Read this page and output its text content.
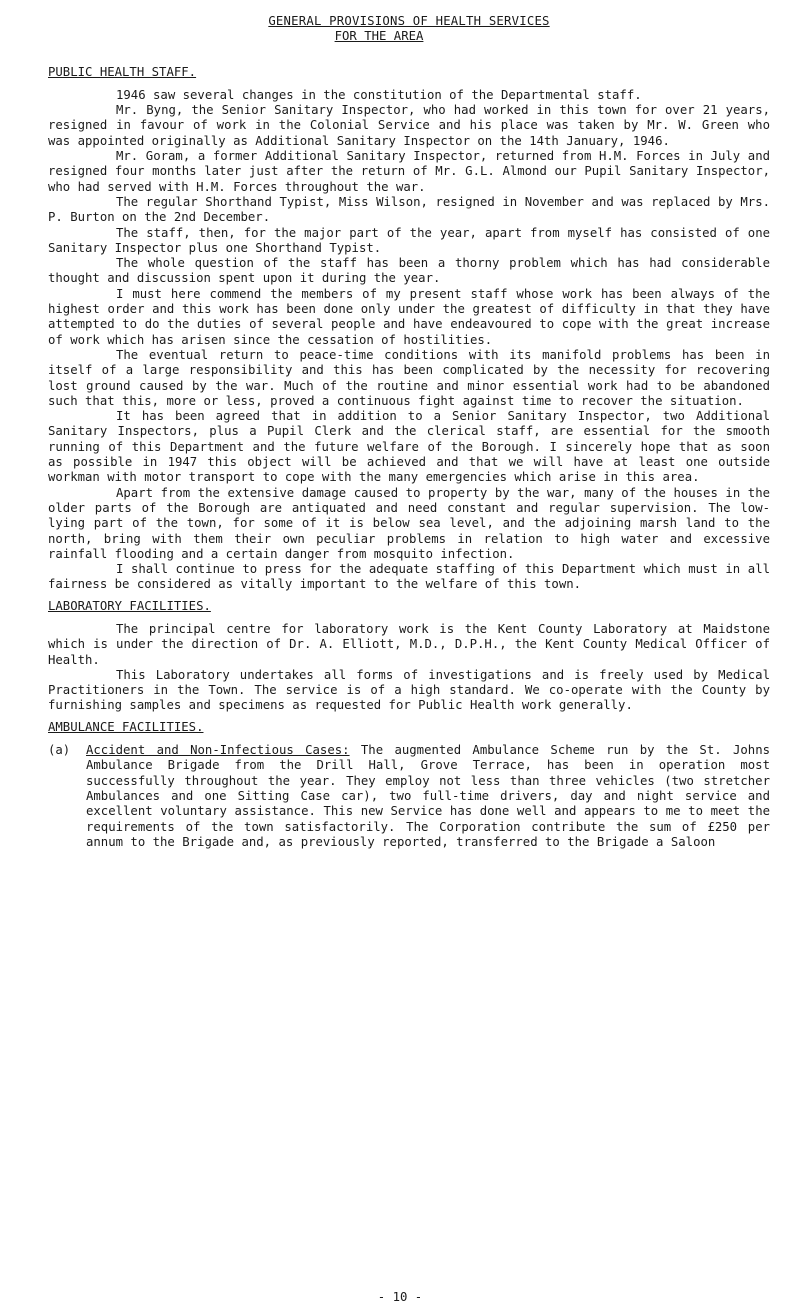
GENERAL PROVISIONS OF HEALTH SERVICES
FOR THE AREA
PUBLIC HEALTH STAFF.

1946 saw several changes in the constitution of the Departmental staff.

Mr. Byng, the Senior Sanitary Inspector, who had worked in this town for over 21 years, resigned in favour of work in the Colonial Service and his place was taken by Mr. W. Green who was appointed originally as Additional Sanitary Inspector on the 14th January, 1946.

Mr. Goram, a former Additional Sanitary Inspector, returned from H.M. Forces in July and resigned four months later just after the return of Mr. G.L. Almond our Pupil Sanitary Inspector, who had served with H.M. Forces throughout the war.

The regular Shorthand Typist, Miss Wilson, resigned in November and was replaced by Mrs. P. Burton on the 2nd December.

The staff, then, for the major part of the year, apart from myself has consisted of one Sanitary Inspector plus one Shorthand Typist.

The whole question of the staff has been a thorny problem which has had considerable thought and discussion spent upon it during the year.

I must here commend the members of my present staff whose work has been always of the highest order and this work has been done only under the greatest of difficulty in that they have attempted to do the duties of several people and have endeavoured to cope with the great increase of work which has arisen since the cessation of hostilities.

The eventual return to peace-time conditions with its manifold problems has been in itself of a large responsibility and this has been complicated by the necessity for recovering lost ground caused by the war. Much of the routine and minor essential work had to be abandoned such that this, more or less, proved a continuous fight against time to recover the situation.

It has been agreed that in addition to a Senior Sanitary Inspector, two Additional Sanitary Inspectors, plus a Pupil Clerk and the clerical staff, are essential for the smooth running of this Department and the future welfare of the Borough. I sincerely hope that as soon as possible in 1947 this object will be achieved and that we will have at least one outside workman with motor transport to cope with the many emergencies which arise in this area.

Apart from the extensive damage caused to property by the war, many of the houses in the older parts of the Borough are antiquated and need constant and regular supervision. The low-lying part of the town, for some of it is below sea level, and the adjoining marsh land to the north, bring with them their own peculiar problems in relation to high water and excessive rainfall flooding and a certain danger from mosquito infection.

I shall continue to press for the adequate staffing of this Department which must in all fairness be considered as vitally important to the welfare of this town.

LABORATORY FACILITIES.

The principal centre for laboratory work is the Kent County Laboratory at Maidstone which is under the direction of Dr. A. Elliott, M.D., D.P.H., the Kent County Medical Officer of Health.

This Laboratory undertakes all forms of investigations and is freely used by Medical Practitioners in the Town. The service is of a high standard. We co-operate with the County by furnishing samples and specimens as requested for Public Health work generally.

AMBULANCE FACILITIES.
(a)	Accident and Non-Infectious Cases: The augmented Ambulance Scheme run by the St. Johns Ambulance Brigade from the Drill Hall, Grove Terrace, has been in operation most successfully throughout the year. They employ not less than three vehicles (two stretcher Ambulances and one Sitting Case car), two full-time drivers, day and night service and excellent voluntary assistance. This new Service has done well and appears to me to meet the requirements of the town satisfactorily. The Corporation contribute the sum of £250 per annum to the Brigade and, as previously reported, transferred to the Brigade a Saloon
- 10 -
